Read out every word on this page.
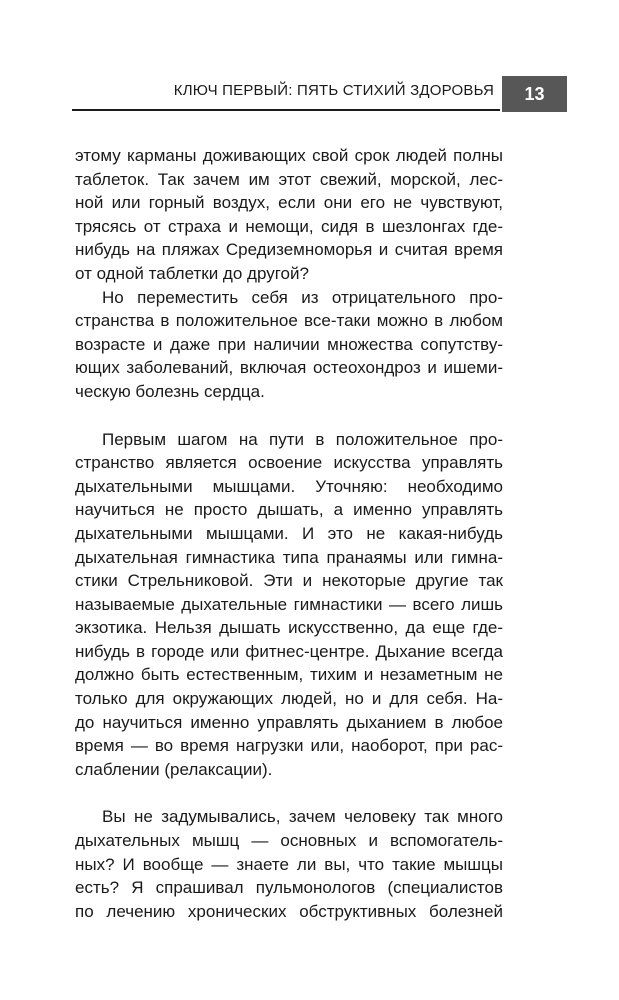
КЛЮЧ ПЕРВЫЙ: ПЯТЬ СТИХИЙ ЗДОРОВЬЯ	13
этому карманы доживающих свой срок людей полны
таблеток. Так зачем им этот свежий, морской, лес-
ной или горный воздух, если они его не чувствуют,
трясясь от страха и немощи, сидя в шезлонгах где-
нибудь на пляжах Средиземноморья и считая время
от одной таблетки до другой?
Но переместить себя из отрицательного про-
странства в положительное все-таки можно в любом
возрасте и даже при наличии множества сопутству-
ющих заболеваний, включая остеохондроз и ишеми-
ческую болезнь сердца.
Первым шагом на пути в положительное про-
странство является освоение искусства управлять
дыхательными мышцами. Уточняю: необходимо
научиться не просто дышать, а именно управлять
дыхательными мышцами. И это не какая-нибудь
дыхательная гимнастика типа пранаямы или гимна-
стики Стрельниковой. Эти и некоторые другие так
называемые дыхательные гимнастики — всего лишь
экзотика. Нельзя дышать искусственно, да еще где-
нибудь в городе или фитнес-центре. Дыхание всегда
должно быть естественным, тихим и незаметным не
только для окружающих людей, но и для себя. На-
до научиться именно управлять дыханием в любое
время — во время нагрузки или, наоборот, при рас-
слаблении (релаксации).
Вы не задумывались, зачем человеку так много
дыхательных мышц — основных и вспомогатель-
ных? И вообще — знаете ли вы, что такие мышцы
есть? Я спрашивал пульмонологов (специалистов
по лечению хронических обструктивных болезней
